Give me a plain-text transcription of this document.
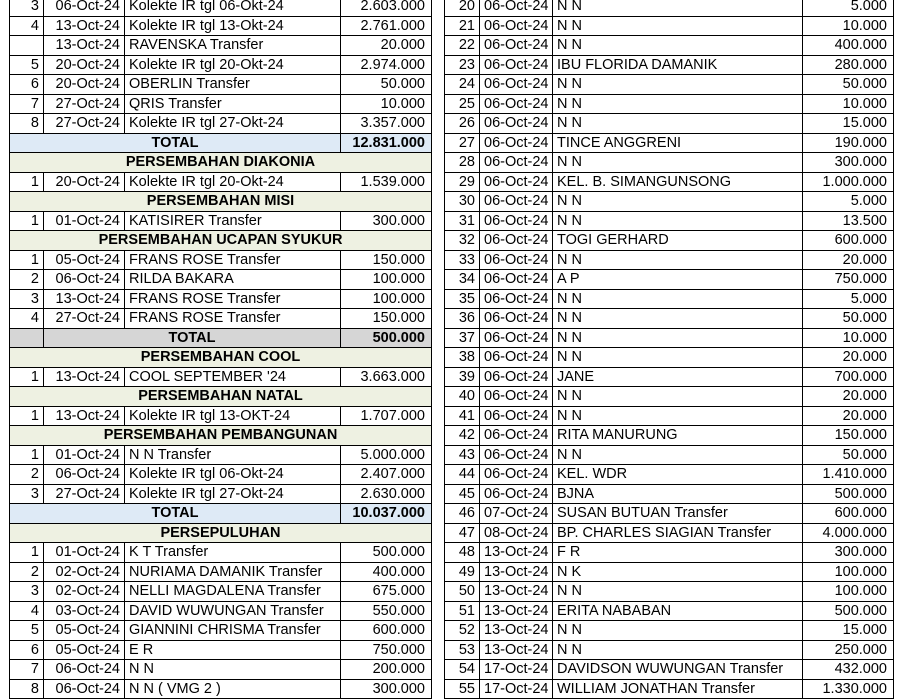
3	06-Oct-24	Kolekte IR tgl 06-Okt-24	2.603.000
4	13-Oct-24	Kolekte IR tgl 13-Okt-24	2.761.000
	13-Oct-24	RAVENSKA Transfer	20.000
5	20-Oct-24	Kolekte IR tgl 20-Okt-24	2.974.000
6	20-Oct-24	OBERLIN Transfer	50.000
7	27-Oct-24	QRIS Transfer	10.000
8	27-Oct-24	Kolekte IR tgl 27-Okt-24	3.357.000
TOTAL			12.831.000
PERSEMBAHAN DIAKONIA			
1	20-Oct-24	Kolekte IR tgl 20-Okt-24	1.539.000
PERSEMBAHAN MISI			
1	01-Oct-24	KATISIRER Transfer	300.000
PERSEMBAHAN UCAPAN SYUKUR			
1	05-Oct-24	FRANS ROSE Transfer	150.000
2	06-Oct-24	RILDA BAKARA	100.000
3	13-Oct-24	FRANS ROSE Transfer	100.000
4	27-Oct-24	FRANS ROSE Transfer	150.000
	TOTAL		500.000
PERSEMBAHAN COOL			
1	13-Oct-24	COOL SEPTEMBER '24	3.663.000
PERSEMBAHAN NATAL			
1	13-Oct-24	Kolekte IR tgl 13-OKT-24	1.707.000
PERSEMBAHAN PEMBANGUNAN			
1	01-Oct-24	N N Transfer	5.000.000
2	06-Oct-24	Kolekte IR tgl 06-Okt-24	2.407.000
3	27-Oct-24	Kolekte IR tgl 27-Okt-24	2.630.000
TOTAL			10.037.000
PERSEPULUHAN			
1	01-Oct-24	K T Transfer	500.000
2	02-Oct-24	NURIAMA DAMANIK Transfer	400.000
3	02-Oct-24	NELLI MAGDALENA Transfer	675.000
4	03-Oct-24	DAVID WUWUNGAN Transfer	550.000
5	05-Oct-24	GIANNINI CHRISMA Transfer	600.000
6	05-Oct-24	E R	750.000
7	06-Oct-24	N N	200.000
8	06-Oct-24	N N ( VMG 2 )	300.000
20	06-Oct-24	N N	5.000
21	06-Oct-24	N N	10.000
22	06-Oct-24	N N	400.000
23	06-Oct-24	IBU FLORIDA DAMANIK	280.000
24	06-Oct-24	N N	50.000
25	06-Oct-24	N N	10.000
26	06-Oct-24	N N	15.000
27	06-Oct-24	TINCE ANGGRENI	190.000
28	06-Oct-24	N N	300.000
29	06-Oct-24	KEL. B. SIMANGUNSONG	1.000.000
30	06-Oct-24	N N	5.000
31	06-Oct-24	N N	13.500
32	06-Oct-24	TOGI GERHARD	600.000
33	06-Oct-24	N N	20.000
34	06-Oct-24	A P	750.000
35	06-Oct-24	N N	5.000
36	06-Oct-24	N N	50.000
37	06-Oct-24	N N	10.000
38	06-Oct-24	N N	20.000
39	06-Oct-24	JANE	700.000
40	06-Oct-24	N N	20.000
41	06-Oct-24	N N	20.000
42	06-Oct-24	RITA MANURUNG	150.000
43	06-Oct-24	N N	50.000
44	06-Oct-24	KEL. WDR	1.410.000
45	06-Oct-24	BJNA	500.000
46	07-Oct-24	SUSAN BUTUAN Transfer	600.000
47	08-Oct-24	BP. CHARLES SIAGIAN Transfer	4.000.000
48	13-Oct-24	F R	300.000
49	13-Oct-24	N K	100.000
50	13-Oct-24	N N	100.000
51	13-Oct-24	ERITA NABABAN	500.000
52	13-Oct-24	N N	15.000
53	13-Oct-24	N N	250.000
54	17-Oct-24	DAVIDSON WUWUNGAN Transfer	432.000
55	17-Oct-24	WILLIAM JONATHAN Transfer	1.330.000
